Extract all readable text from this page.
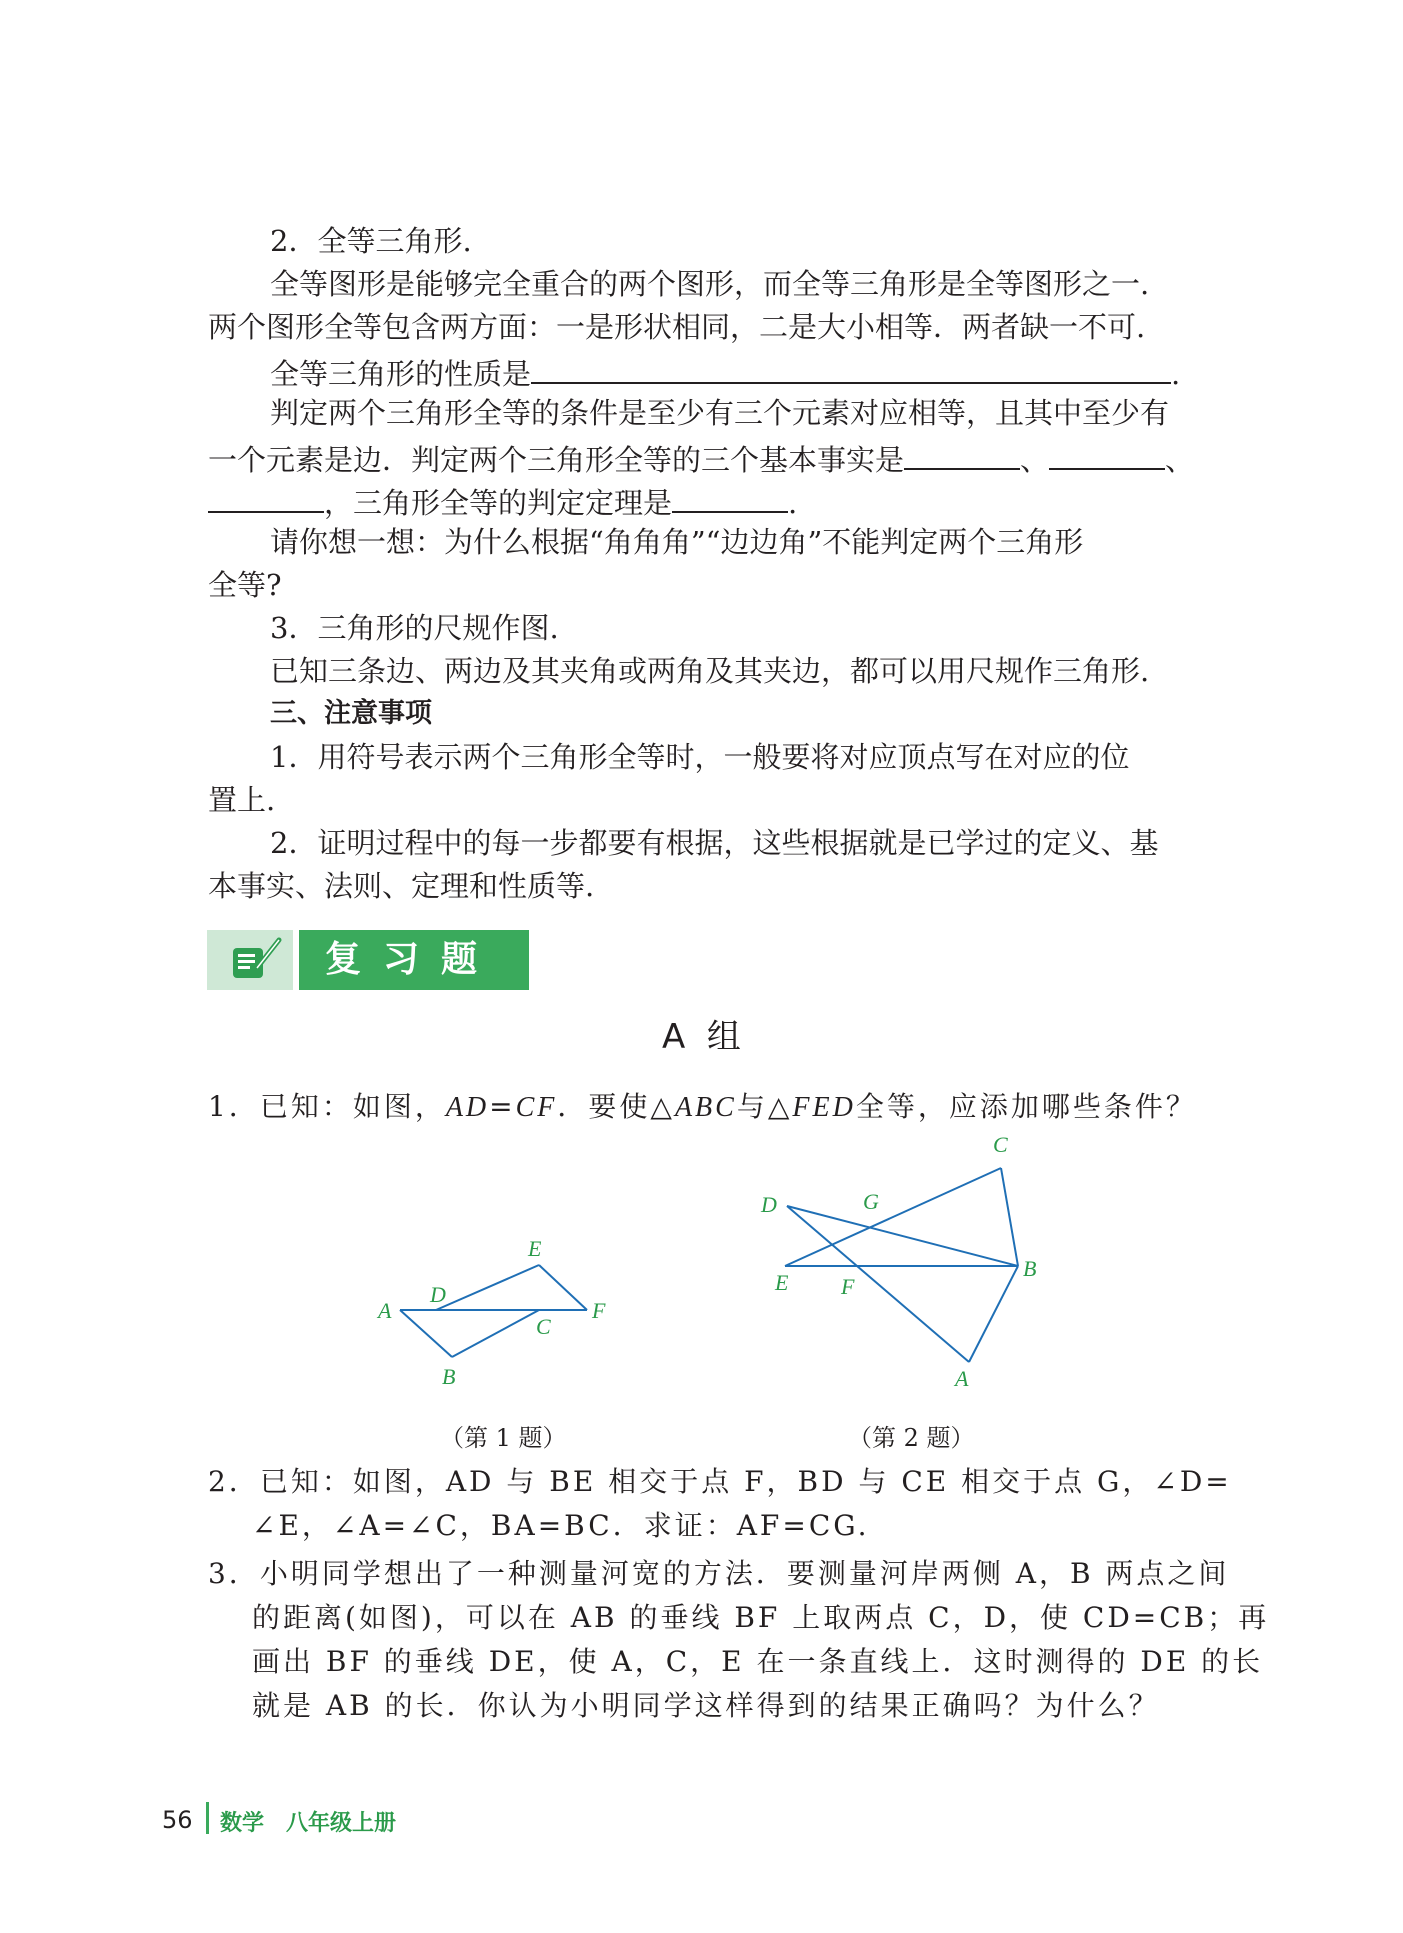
2．全等三角形.
全等图形是能够完全重合的两个图形，而全等三角形是全等图形之一.
两个图形全等包含两方面：一是形状相同，二是大小相等．两者缺一不可.
全等三角形的性质是	.
判定两个三角形全等的条件是至少有三个元素对应相等，且其中至少有
一个元素是边．判定两个三角形全等的三个基本事实是	、	、
，三角形全等的判定定理是	.
请你想一想：为什么根据“角角角”“边边角”不能判定两个三角形
全等?
3．三角形的尺规作图.
已知三条边、两边及其夹角或两角及其夹边，都可以用尺规作三角形.
三、注意事项
1．用符号表示两个三角形全等时，一般要将对应顶点写在对应的位
置上.
2．证明过程中的每一步都要有根据，这些根据就是已学过的定义、基
本事实、法则、定理和性质等.
复习题
A  组
1．已知：如图，AD=CF．要使△ABC与△FED全等，应添加哪些条件？
A
D
E
F
C
B
（第 1 题）
C
D	G
B
E F
A
（第 2 题）
2．已知：如图，AD 与 BE 相交于点 F，BD 与 CE 相交于点 G，∠D=
∠E，∠A=∠C，BA=BC．求证：AF=CG.
3．小明同学想出了一种测量河宽的方法．要测量河岸两侧 A，B 两点之间
的距离(如图)，可以在 AB 的垂线 BF 上取两点 C，D，使 CD=CB；再
画出 BF 的垂线 DE，使 A，C，E 在一条直线上．这时测得的 DE 的长
就是 AB 的长．你认为小明同学这样得到的结果正确吗？为什么？
56 数学　八年级上册
